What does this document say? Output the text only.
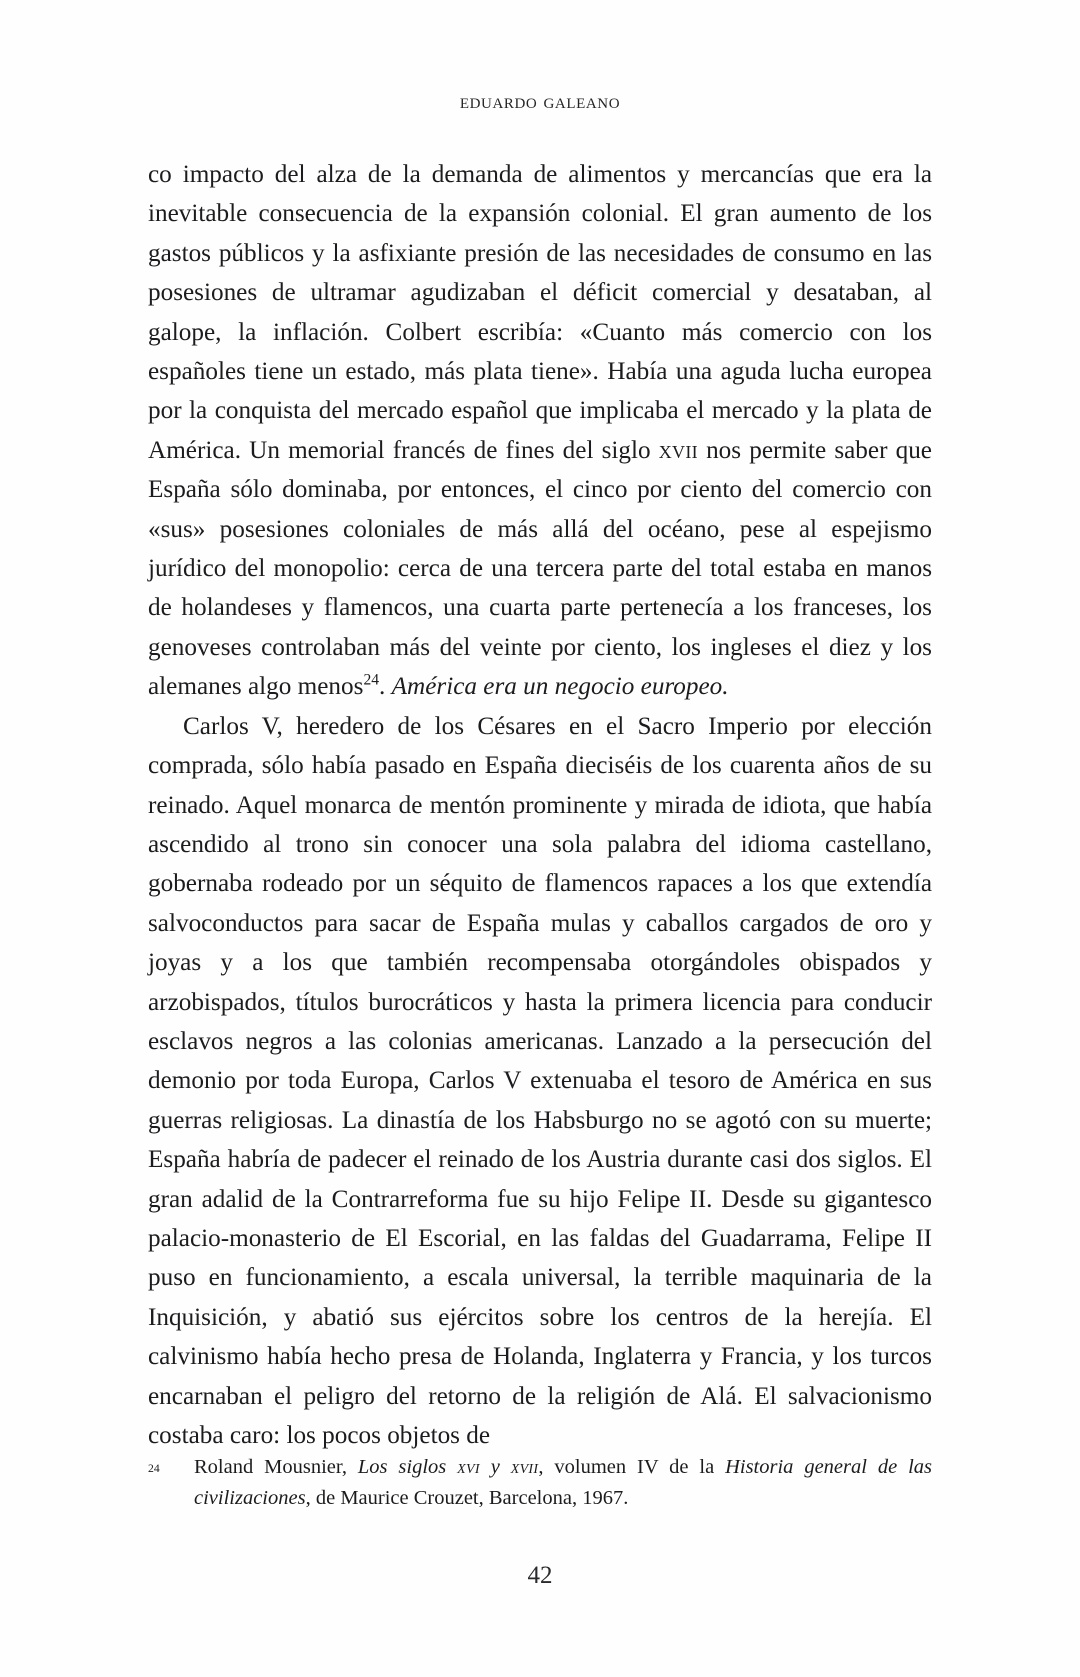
eduardo galeano

co impacto del alza de la demanda de alimentos y mercancías que era la inevitable consecuencia de la expansión colonial. El gran aumento de los gastos públicos y la asfixiante presión de las necesidades de consumo en las posesiones de ultramar agudizaban el déficit comercial y desataban, al galope, la inflación. Colbert escribía: «Cuanto más comercio con los españoles tiene un estado, más plata tiene». Había una aguda lucha europea por la conquista del mercado español que implicaba el mercado y la plata de América. Un memorial francés de fines del siglo xvii nos permite saber que España sólo dominaba, por entonces, el cinco por ciento del comercio con «sus» posesiones coloniales de más allá del océano, pese al espejismo jurídico del monopolio: cerca de una tercera parte del total estaba en manos de holandeses y flamencos, una cuarta parte pertenecía a los franceses, los genoveses controlaban más del veinte por ciento, los ingleses el diez y los alemanes algo menos$^{24}$. América era un negocio europeo.

Carlos V, heredero de los Césares en el Sacro Imperio por elección comprada, sólo había pasado en España dieciséis de los cuarenta años de su reinado. Aquel monarca de mentón prominente y mirada de idiota, que había ascendido al trono sin conocer una sola palabra del idioma castellano, gobernaba rodeado por un séquito de flamencos rapaces a los que extendía salvoconductos para sacar de España mulas y caballos cargados de oro y joyas y a los que también recompensaba otorgándoles obispados y arzobispados, títulos burocráticos y hasta la primera licencia para conducir esclavos negros a las colonias americanas. Lanzado a la persecución del demonio por toda Europa, Carlos V extenuaba el tesoro de América en sus guerras religiosas. La dinastía de los Habsburgo no se agotó con su muerte; España habría de padecer el reinado de los Austria durante casi dos siglos. El gran adalid de la Contrarreforma fue su hijo Felipe II. Desde su gigantesco palacio-monasterio de El Escorial, en las faldas del Guadarrama, Felipe II puso en funcionamiento, a escala universal, la terrible maquinaria de la Inquisición, y abatió sus ejércitos sobre los centros de la herejía. El calvinismo había hecho presa de Holanda, Inglaterra y Francia, y los turcos encarnaban el peligro del retorno de la religión de Alá. El salvacionismo costaba caro: los pocos objetos de

$^{24}$	Roland Mousnier, Los siglos xvi y xvii, volumen IV de la Historia general de las civilizaciones, de Maurice Crouzet, Barcelona, 1967.
42
